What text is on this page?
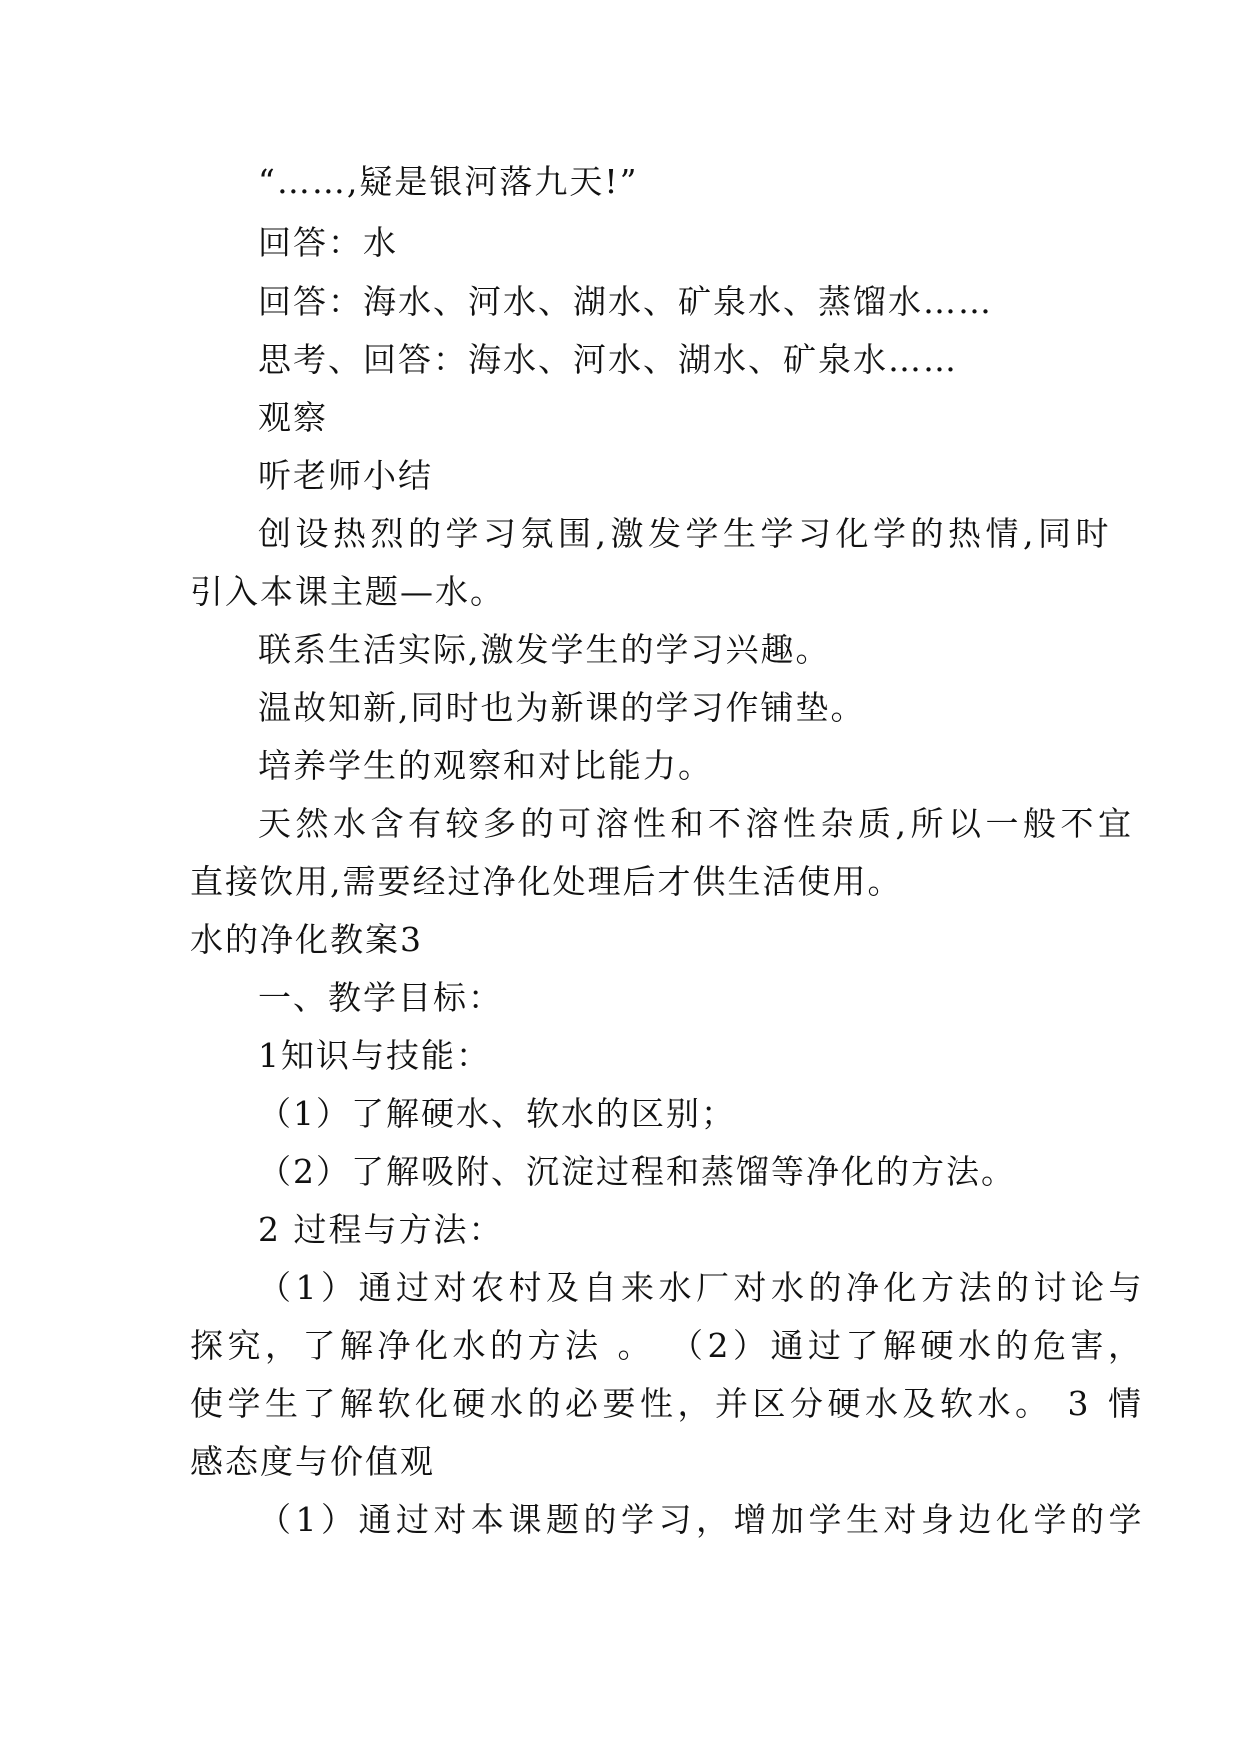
“……,疑是银河落九天!”
回答：水
回答：海水、河水、湖水、矿泉水、蒸馏水……
思考、回答：海水、河水、湖水、矿泉水……
观察
听老师小结
创设热烈的学习氛围,激发学生学习化学的热情,同时
引入本课主题—水。
联系生活实际,激发学生的学习兴趣。
温故知新,同时也为新课的学习作铺垫。
培养学生的观察和对比能力。
天然水含有较多的可溶性和不溶性杂质,所以一般不宜
直接饮用,需要经过净化处理后才供生活使用。
水的净化教案3
一、教学目标：
1知识与技能：
（1）了解硬水、软水的区别；
（2）了解吸附、沉淀过程和蒸馏等净化的方法。
2 过程与方法：
（1）通过对农村及自来水厂对水的净化方法的讨论与
探究，了解净化水的方法 。 （2）通过了解硬水的危害，
使学生了解软化硬水的必要性，并区分硬水及软水。 3 情
感态度与价值观
（1）通过对本课题的学习，增加学生对身边化学的学
